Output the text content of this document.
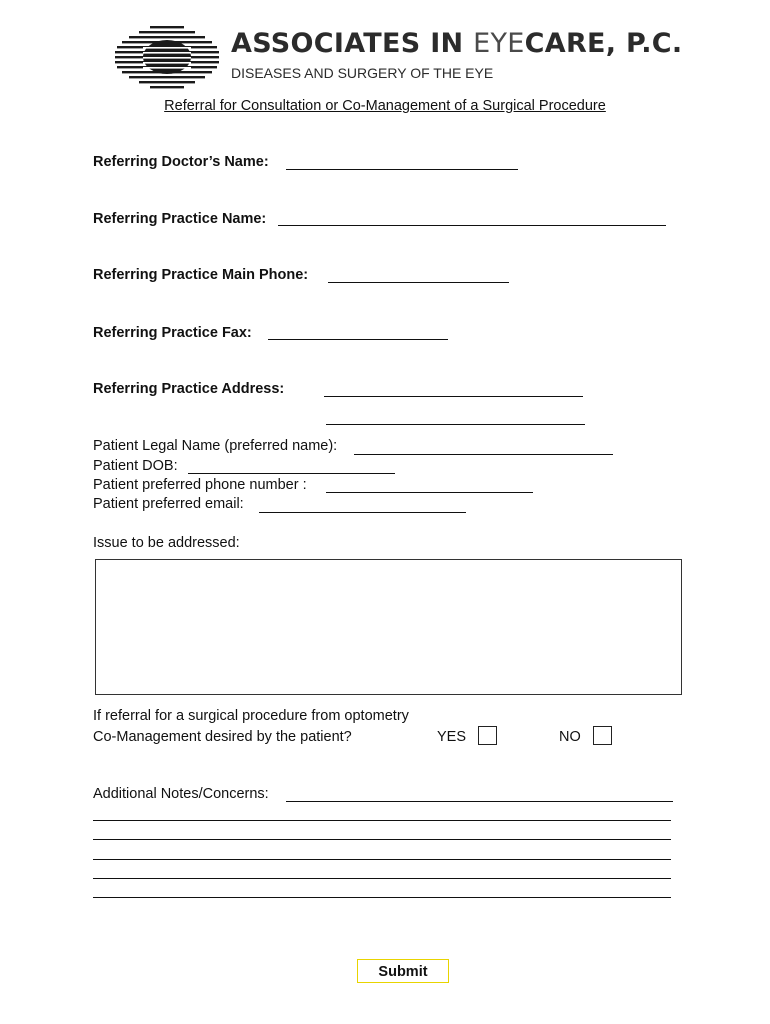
ASSOCIATES IN EYECARE, P.C.
DISEASES AND SURGERY OF THE EYE
Referral for Consultation or Co-Management of a Surgical Procedure
Referring Doctor’s Name:
Referring Practice Name:
Referring Practice Main Phone:
Referring Practice Fax:
Referring Practice Address:
Patient Legal Name (preferred name):
Patient DOB:
Patient preferred phone number :
Patient preferred email:
Issue to be addressed:
If referral for a surgical procedure from optometry
Co-Management desired by the patient?	YES	NO
Additional Notes/Concerns:
Submit
